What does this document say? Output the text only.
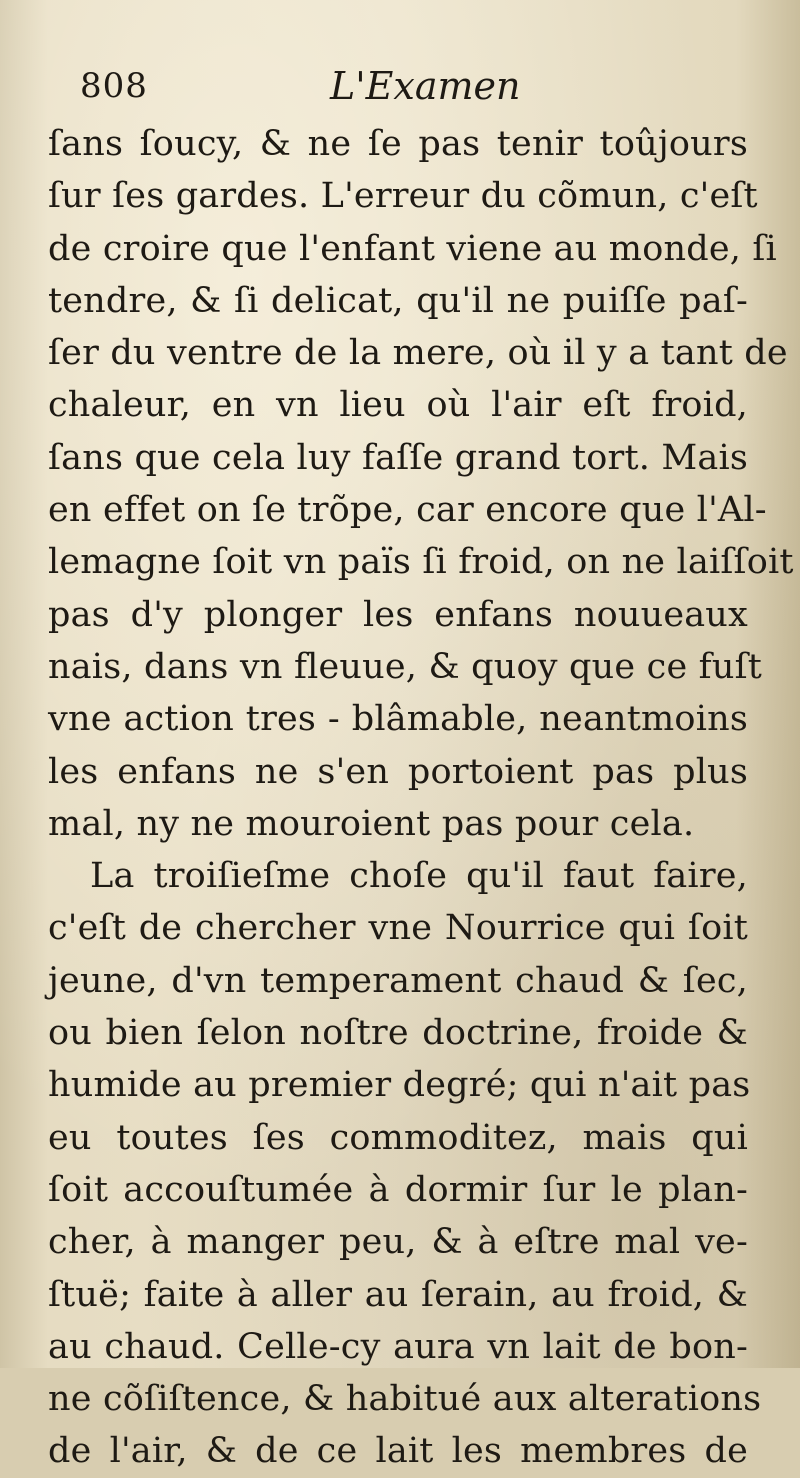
808	L'Examen
ſans ſoucy, & ne ſe pas tenir toûjours
ſur ſes gardes. L'erreur du cõmun, c'eſt
de croire que l'enfant viene au monde, ſi
tendre, & ſi delicat, qu'il ne puiſſe paſ-
ſer du ventre de la mere, où il y a tant de
chaleur, en vn lieu où l'air eſt froid,
ſans que cela luy faſſe grand tort. Mais
en effet on ſe trõpe, car encore que l'Al-
lemagne ſoit vn païs ſi froid, on ne laiſſoit
pas d'y plonger les enfans nouueaux
nais, dans vn fleuue, & quoy que ce fuſt
vne action tres - blâmable, neantmoins
les enfans ne s'en portoient pas plus
mal, ny ne mouroient pas pour cela.
La troiſieſme choſe qu'il faut faire,
c'eſt de chercher vne Nourrice qui ſoit
jeune, d'vn temperament chaud & ſec,
ou bien ſelon noſtre doctrine, froide &
humide au premier degré; qui n'ait pas
eu toutes ſes commoditez, mais qui
ſoit accouſtumée à dormir ſur le plan-
cher, à manger peu, & à eſtre mal ve-
ſtuë; faite à aller au ſerain, au froid, &
au chaud. Celle-cy aura vn lait de bon-
ne cõſiſtence, & habitué aux alterations
de l'air, & de ce lait les membres de
